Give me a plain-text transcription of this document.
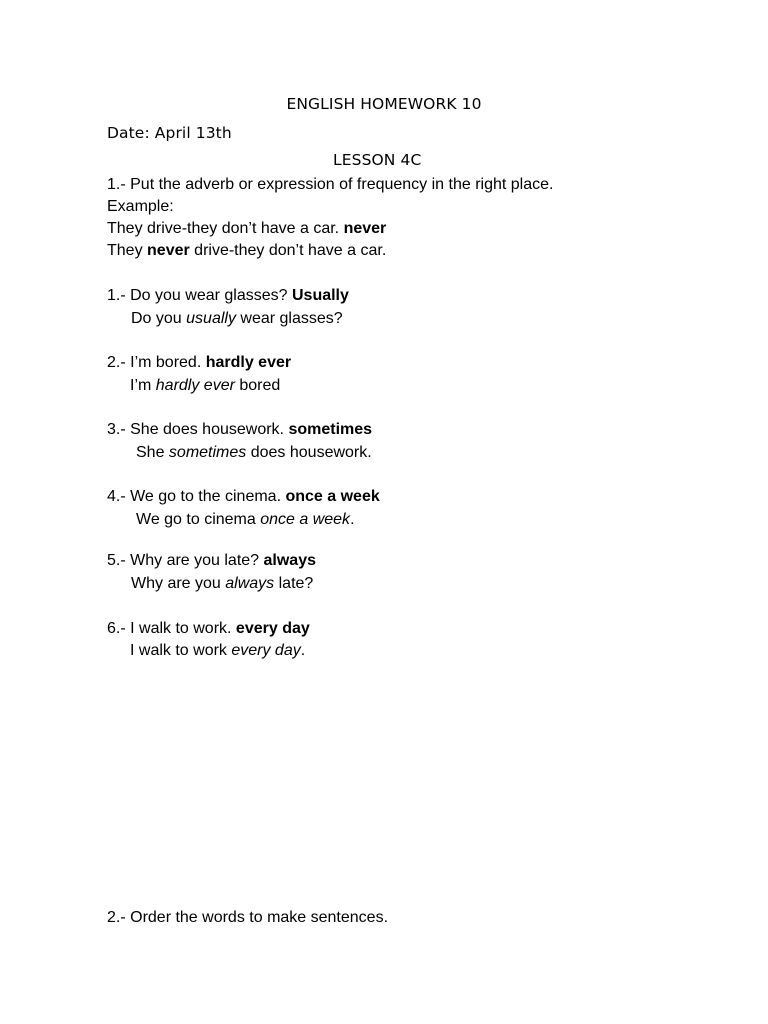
ENGLISH HOMEWORK 10
Date: April 13th
LESSON 4C
1.- Put the adverb or expression of frequency in the right place.
Example:
They drive-they don’t have a car. never
They never drive-they don’t have a car.
1.- Do you wear glasses? Usually
Do you usually wear glasses?
2.- I’m bored. hardly ever
I’m hardly ever bored
3.- She does housework. sometimes
She sometimes does housework.
4.- We go to the cinema. once a week
We go to cinema once a week.
5.- Why are you late? always
Why are you always late?
6.- I walk to work. every day
I walk to work every day.
2.- Order the words to make sentences.
